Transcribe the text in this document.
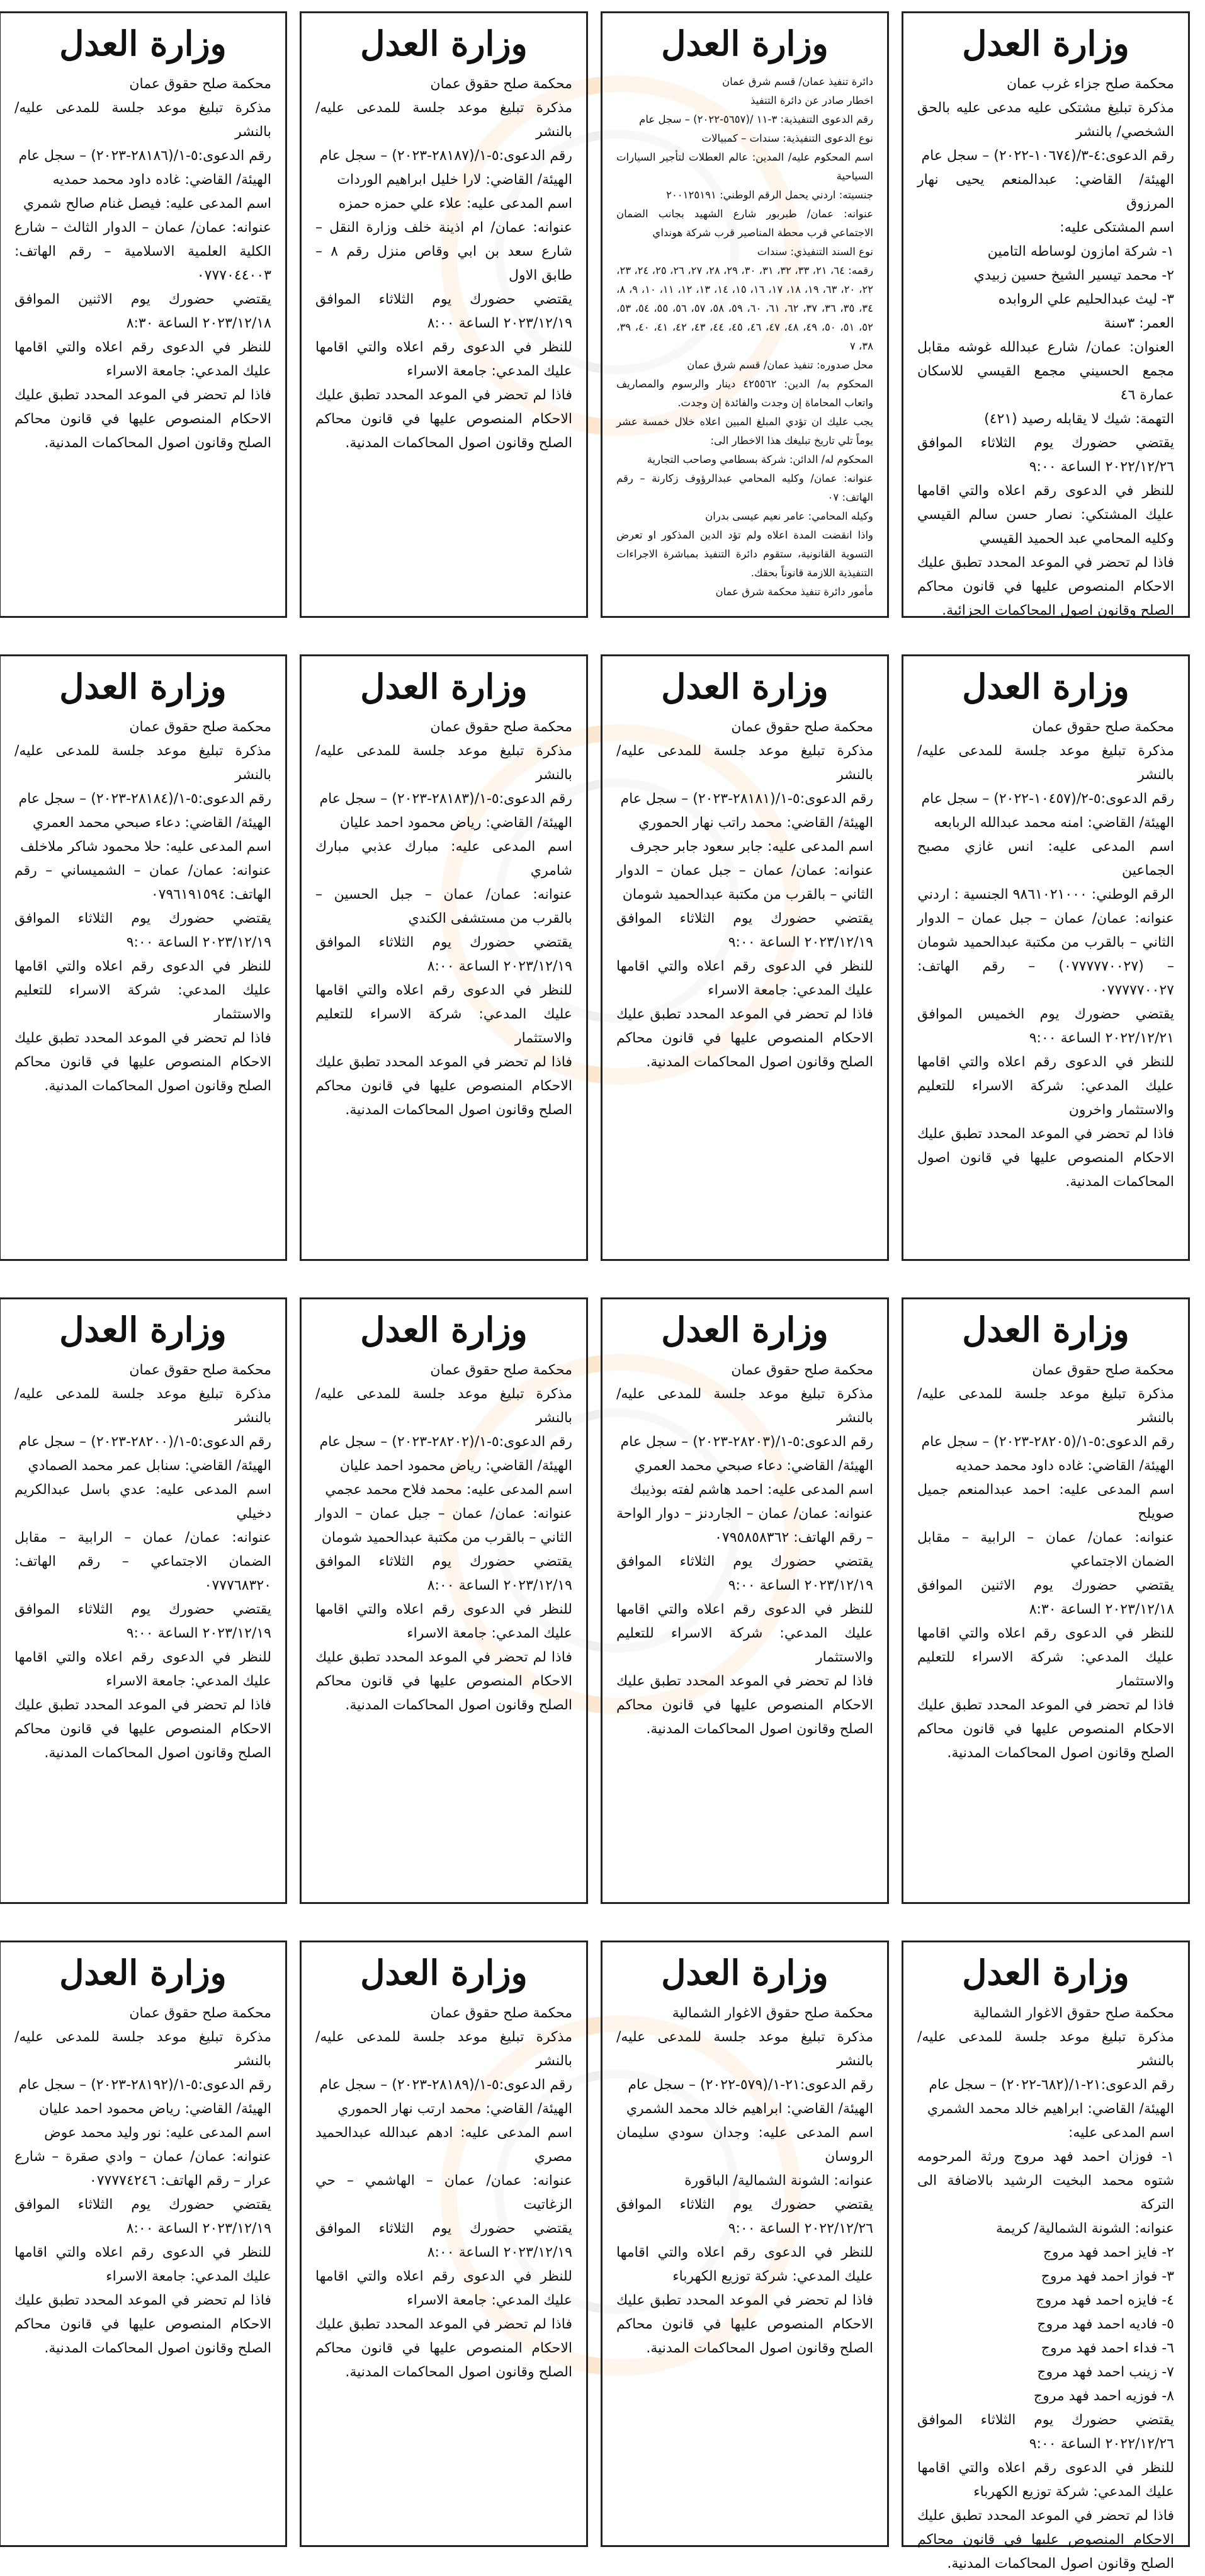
وزارة العدل

محكمة صلح جزاء غرب عمان

مذكرة تبليغ مشتكى عليه مدعى عليه بالحق الشخصي/ بالنشر

رقم الدعوى:٤-٣/(١٠٦٧٤-٢٠٢٢) – سجل عام

الهيئة/ القاضي: عبدالمنعم يحيى نهار المرزوق

اسم المشتكى عليه:

١- شركة امازون لوساطه التامين

٢- محمد تيسير الشيخ حسين زبيدي

٣- ليث عبدالحليم علي الروابده

العمر: ٣سنة

العنوان: عمان/ شارع عبدالله غوشه مقابل مجمع الحسيني مجمع القيسي للاسكان عمارة ٤٦

التهمة: شيك لا يقابله رصيد (٤٢١)

يقتضي حضورك يوم الثلاثاء الموافق ٢٠٢٢/١٢/٢٦ الساعة ٩:٠٠

للنظر في الدعوى رقم اعلاه والتي اقامها عليك المشتكي: نصار حسن سالم القيسي وكليه المحامي عبد الحميد القيسي

فاذا لم تحضر في الموعد المحدد تطبق عليك الاحكام المنصوص عليها في قانون محاكم الصلح وقانون اصول المحاكمات الجزائية.

وزارة العدل

دائرة تنفيذ عمان/ قسم شرق عمان

اخطار صادر عن دائرة التنفيذ

رقم الدعوى التنفيذية: ٣-١١ /(٥٦٥٧-٢٠٢٢) – سجل عام

نوع الدعوى التنفيذية: سندات – كمبيالات

اسم المحكوم عليه/ المدين: عالم العطلات لتأجير السيارات السياحية

جنسيته: اردني يحمل الرقم الوطني: ٢٠٠١٢٥١٩١

عنوانه: عمان/ طبربور شارع الشهيد بجانب الضمان الاجتماعي قرب محطة المناصير قرب شركة هونداي

نوع السند التنفيذي: سندات

رقمه: ٦٤، ٢١، ٣٣، ٣٢، ٣١، ٣٠، ٢٩، ٢٨، ٢٧، ٢٦، ٢٥، ٢٤، ٢٣، ٢٢، ٢٠، ٦٣، ١٩، ١٨، ١٧، ١٦، ١٥، ١٤، ١٣، ١٢، ١١، ١٠، ٩، ٨، ٣٤، ٣٥، ٣٦، ٣٧، ٦٢، ٦١، ٦٠، ٥٩، ٥٨، ٥٧، ٥٦، ٥٥، ٥٤، ٥٣، ٥٢، ٥١، ٥٠، ٤٩، ٤٨، ٤٧، ٤٦، ٤٥، ٤٤، ٤٣، ٤٢، ٤١، ٤٠، ٣٩، ٣٨، ٧

محل صدوره: تنفيذ عمان/ قسم شرق عمان

المحكوم به/ الدين: ٤٢٥٥٦٢ دينار والرسوم والمصاريف واتعاب المحاماة إن وجدت والفائدة إن وجدت.

يجب عليك ان تؤدي المبلغ المبين اعلاه خلال خمسة عشر يوماً تلي تاريخ تبليغك هذا الاخطار الى:

المحكوم له/ الدائن: شركة بسطامي وصاحب التجارية

عنوانه: عمان/ وكليه المحامي عبدالرؤوف زكارنة – رقم الهاتف: ٠٧

وكيله المحامي: عامر نعيم عيسى بدران

واذا انقضت المدة اعلاه ولم تؤد الدين المذكور او تعرض التسوية القانونية، ستقوم دائرة التنفيذ بمباشرة الاجراءات التنفيذية اللازمة قانوناً بحقك.

مأمور دائرة تنفيذ محكمة شرق عمان

وزارة العدل

محكمة صلح حقوق عمان

مذكرة تبليغ موعد جلسة للمدعى عليه/ بالنشر

رقم الدعوى:٥-١/(٢٨١٨٧-٢٠٢٣) – سجل عام

الهيئة/ القاضي: لارا خليل ابراهيم الوردات

اسم المدعى عليه: علاء علي حمزه حمزه

عنوانه: عمان/ ام اذينة خلف وزارة النقل – شارع سعد بن ابي وقاص منزل رقم ٨ – طابق الاول

يقتضي حضورك يوم الثلاثاء الموافق ٢٠٢٣/١٢/١٩ الساعة ٨:٠٠

للنظر في الدعوى رقم اعلاه والتي اقامها عليك المدعي: جامعة الاسراء

فاذا لم تحضر في الموعد المحدد تطبق عليك الاحكام المنصوص عليها في قانون محاكم الصلح وقانون اصول المحاكمات المدنية.

وزارة العدل

محكمة صلح حقوق عمان

مذكرة تبليغ موعد جلسة للمدعى عليه/ بالنشر

رقم الدعوى:٥-١/(٢٨١٨٦-٢٠٢٣) – سجل عام

الهيئة/ القاضي: غاده داود محمد حمديه

اسم المدعى عليه: فيصل غنام صالح شمري

عنوانه: عمان/ عمان – الدوار الثالث – شارع الكلية العلمية الاسلامية – رقم الهاتف: ٠٧٧٧٠٤٤٠٠٣

يقتضي حضورك يوم الاثنين الموافق ٢٠٢٣/١٢/١٨ الساعة ٨:٣٠

للنظر في الدعوى رقم اعلاه والتي اقامها عليك المدعي: جامعة الاسراء

فاذا لم تحضر في الموعد المحدد تطبق عليك الاحكام المنصوص عليها في قانون محاكم الصلح وقانون اصول المحاكمات المدنية.

وزارة العدل

محكمة صلح حقوق عمان

مذكرة تبليغ موعد جلسة للمدعى عليه/ بالنشر

رقم الدعوى:٥-٢/(١٠٤٥٧-٢٠٢٢) – سجل عام

الهيئة/ القاضي: امنه محمد عبدالله الربابعه

اسم المدعى عليه: انس غازي مصبح الجماعين

الرقم الوطني: ٩٨٦١٠٢١٠٠٠ الجنسية : اردني

عنوانه: عمان/ عمان – جبل عمان – الدوار الثاني – بالقرب من مكتبة عبدالحميد شومان – (٠٧٧٧٧٧٠٠٢٧) – رقم الهاتف: ٠٧٧٧٧٧٠٠٢٧

يقتضي حضورك يوم الخميس الموافق ٢٠٢٢/١٢/٢١ الساعة ٩:٠٠

للنظر في الدعوى رقم اعلاه والتي اقامها عليك المدعي: شركة الاسراء للتعليم والاستثمار واخرون

فاذا لم تحضر في الموعد المحدد تطبق عليك الاحكام المنصوص عليها في قانون اصول المحاكمات المدنية.

وزارة العدل

محكمة صلح حقوق عمان

مذكرة تبليغ موعد جلسة للمدعى عليه/ بالنشر

رقم الدعوى:٥-١/(٢٨١٨١-٢٠٢٣) – سجل عام

الهيئة/ القاضي: محمد راتب نهار الحموري

اسم المدعى عليه: جابر سعود جابر حجرف

عنوانه: عمان/ عمان – جبل عمان – الدوار الثاني – بالقرب من مكتبة عبدالحميد شومان

يقتضي حضورك يوم الثلاثاء الموافق ٢٠٢٣/١٢/١٩ الساعة ٩:٠٠

للنظر في الدعوى رقم اعلاه والتي اقامها عليك المدعي: جامعة الاسراء

فاذا لم تحضر في الموعد المحدد تطبق عليك الاحكام المنصوص عليها في قانون محاكم الصلح وقانون اصول المحاكمات المدنية.

وزارة العدل

محكمة صلح حقوق عمان

مذكرة تبليغ موعد جلسة للمدعى عليه/ بالنشر

رقم الدعوى:٥-١/(٢٨١٨٣-٢٠٢٣) – سجل عام

الهيئة/ القاضي: رياض محمود احمد عليان

اسم المدعى عليه: مبارك عذبي مبارك شامري

عنوانه: عمان/ عمان – جبل الحسين – بالقرب من مستشفى الكندي

يقتضي حضورك يوم الثلاثاء الموافق ٢٠٢٣/١٢/١٩ الساعة ٨:٠٠

للنظر في الدعوى رقم اعلاه والتي اقامها عليك المدعي: شركة الاسراء للتعليم والاستثمار

فاذا لم تحضر في الموعد المحدد تطبق عليك الاحكام المنصوص عليها في قانون محاكم الصلح وقانون اصول المحاكمات المدنية.

وزارة العدل

محكمة صلح حقوق عمان

مذكرة تبليغ موعد جلسة للمدعى عليه/ بالنشر

رقم الدعوى:٥-١/(٢٨١٨٤-٢٠٢٣) – سجل عام

الهيئة/ القاضي: دعاء صبحي محمد العمري

اسم المدعى عليه: حلا محمود شاكر ملاخلف

عنوانه: عمان/ عمان – الشميساني – رقم الهاتف: ٠٧٩٦١٩١٥٩٤

يقتضي حضورك يوم الثلاثاء الموافق ٢٠٢٣/١٢/١٩ الساعة ٩:٠٠

للنظر في الدعوى رقم اعلاه والتي اقامها عليك المدعي: شركة الاسراء للتعليم والاستثمار

فاذا لم تحضر في الموعد المحدد تطبق عليك الاحكام المنصوص عليها في قانون محاكم الصلح وقانون اصول المحاكمات المدنية.

وزارة العدل

محكمة صلح حقوق عمان

مذكرة تبليغ موعد جلسة للمدعى عليه/ بالنشر

رقم الدعوى:٥-١/(٢٨٢٠٥-٢٠٢٣) – سجل عام

الهيئة/ القاضي: غاده داود محمد حمديه

اسم المدعى عليه: احمد عبدالمنعم جميل صويلح

عنوانه: عمان/ عمان – الرابية – مقابل الضمان الاجتماعي

يقتضي حضورك يوم الاثنين الموافق ٢٠٢٣/١٢/١٨ الساعة ٨:٣٠

للنظر في الدعوى رقم اعلاه والتي اقامها عليك المدعي: شركة الاسراء للتعليم والاستثمار

فاذا لم تحضر في الموعد المحدد تطبق عليك الاحكام المنصوص عليها في قانون محاكم الصلح وقانون اصول المحاكمات المدنية.

وزارة العدل

محكمة صلح حقوق عمان

مذكرة تبليغ موعد جلسة للمدعى عليه/ بالنشر

رقم الدعوى:٥-١/(٢٨٢٠٣-٢٠٢٣) – سجل عام

الهيئة/ القاضي: دعاء صبحي محمد العمري

اسم المدعى عليه: احمد هاشم لفته بوذيبك

عنوانه: عمان/ عمان – الجاردنز – دوار الواحة – رقم الهاتف: ٠٧٩٥٨٥٨٣٦٢

يقتضي حضورك يوم الثلاثاء الموافق ٢٠٢٣/١٢/١٩ الساعة ٩:٠٠

للنظر في الدعوى رقم اعلاه والتي اقامها عليك المدعي: شركة الاسراء للتعليم والاستثمار

فاذا لم تحضر في الموعد المحدد تطبق عليك الاحكام المنصوص عليها في قانون محاكم الصلح وقانون اصول المحاكمات المدنية.

وزارة العدل

محكمة صلح حقوق عمان

مذكرة تبليغ موعد جلسة للمدعى عليه/ بالنشر

رقم الدعوى:٥-١/(٢٨٢٠٢-٢٠٢٣) – سجل عام

الهيئة/ القاضي: رياض محمود احمد عليان

اسم المدعى عليه: محمد فلاح محمد عجمي

عنوانه: عمان/ عمان – جبل عمان – الدوار الثاني – بالقرب من مكتبة عبدالحميد شومان

يقتضي حضورك يوم الثلاثاء الموافق ٢٠٢٣/١٢/١٩ الساعة ٨:٠٠

للنظر في الدعوى رقم اعلاه والتي اقامها عليك المدعي: جامعة الاسراء

فاذا لم تحضر في الموعد المحدد تطبق عليك الاحكام المنصوص عليها في قانون محاكم الصلح وقانون اصول المحاكمات المدنية.

وزارة العدل

محكمة صلح حقوق عمان

مذكرة تبليغ موعد جلسة للمدعى عليه/ بالنشر

رقم الدعوى:٥-١/(٢٨٢٠٠-٢٠٢٣) – سجل عام

الهيئة/ القاضي: سنابل عمر محمد الصمادي

اسم المدعى عليه: عدي باسل عبدالكريم دخيلي

عنوانه: عمان/ عمان – الرابية – مقابل الضمان الاجتماعي – رقم الهاتف: ٠٧٧٧٦٨٣٢٠

يقتضي حضورك يوم الثلاثاء الموافق ٢٠٢٣/١٢/١٩ الساعة ٩:٠٠

للنظر في الدعوى رقم اعلاه والتي اقامها عليك المدعي: جامعة الاسراء

فاذا لم تحضر في الموعد المحدد تطبق عليك الاحكام المنصوص عليها في قانون محاكم الصلح وقانون اصول المحاكمات المدنية.

وزارة العدل

محكمة صلح حقوق الاغوار الشمالية

مذكرة تبليغ موعد جلسة للمدعى عليه/ بالنشر

رقم الدعوى:٢١-١/(٦٨٢-٢٠٢٢) – سجل عام

الهيئة/ القاضي: ابراهيم خالد محمد الشمري

اسم المدعى عليه:

١- فوزان احمد فهد مروج ورثة المرحومه شتوه محمد البخيت الرشيد بالاضافة الى التركة

عنوانه: الشونة الشمالية/ كريمة

٢- فايز احمد فهد مروج

٣- فواز احمد فهد مروج

٤- فايزه احمد فهد مروج

٥- فاديه احمد فهد مروج

٦- فداء احمد فهد مروج

٧- زينب احمد فهد مروج

٨- فوزيه احمد فهد مروج

يقتضي حضورك يوم الثلاثاء الموافق ٢٠٢٢/١٢/٢٦ الساعة ٩:٠٠

للنظر في الدعوى رقم اعلاه والتي اقامها عليك المدعي: شركة توزيع الكهرباء

فاذا لم تحضر في الموعد المحدد تطبق عليك الاحكام المنصوص عليها في قانون محاكم الصلح وقانون اصول المحاكمات المدنية.

وزارة العدل

محكمة صلح حقوق الاغوار الشمالية

مذكرة تبليغ موعد جلسة للمدعى عليه/ بالنشر

رقم الدعوى:٢١-١/(٥٧٩-٢٠٢٢) – سجل عام

الهيئة/ القاضي: ابراهيم خالد محمد الشمري

اسم المدعى عليه: وجدان سودي سليمان الروسان

عنوانه: الشونة الشمالية/ الباقورة

يقتضي حضورك يوم الثلاثاء الموافق ٢٠٢٢/١٢/٢٦ الساعة ٩:٠٠

للنظر في الدعوى رقم اعلاه والتي اقامها عليك المدعي: شركة توزيع الكهرباء

فاذا لم تحضر في الموعد المحدد تطبق عليك الاحكام المنصوص عليها في قانون محاكم الصلح وقانون اصول المحاكمات المدنية.

وزارة العدل

محكمة صلح حقوق عمان

مذكرة تبليغ موعد جلسة للمدعى عليه/ بالنشر

رقم الدعوى:٥-١/(٢٨١٨٩-٢٠٢٣) – سجل عام

الهيئة/ القاضي: محمد ارتب نهار الحموري

اسم المدعى عليه: ادهم عبدالله عبدالحميد مصري

عنوانه: عمان/ عمان – الهاشمي – حي الزغاتيت

يقتضي حضورك يوم الثلاثاء الموافق ٢٠٢٣/١٢/١٩ الساعة ٨:٠٠

للنظر في الدعوى رقم اعلاه والتي اقامها عليك المدعي: جامعة الاسراء

فاذا لم تحضر في الموعد المحدد تطبق عليك الاحكام المنصوص عليها في قانون محاكم الصلح وقانون اصول المحاكمات المدنية.

وزارة العدل

محكمة صلح حقوق عمان

مذكرة تبليغ موعد جلسة للمدعى عليه/ بالنشر

رقم الدعوى:٥-١/(٢٨١٩٢-٢٠٢٣) – سجل عام

الهيئة/ القاضي: رياض محمود احمد عليان

اسم المدعى عليه: نور وليد محمد عوض

عنوانه: عمان/ عمان – وادي صقرة – شارع عرار – رقم الهاتف: ٠٧٧٧٧٤٢٤٦

يقتضي حضورك يوم الثلاثاء الموافق ٢٠٢٣/١٢/١٩ الساعة ٨:٠٠

للنظر في الدعوى رقم اعلاه والتي اقامها عليك المدعي: جامعة الاسراء

فاذا لم تحضر في الموعد المحدد تطبق عليك الاحكام المنصوص عليها في قانون محاكم الصلح وقانون اصول المحاكمات المدنية.
